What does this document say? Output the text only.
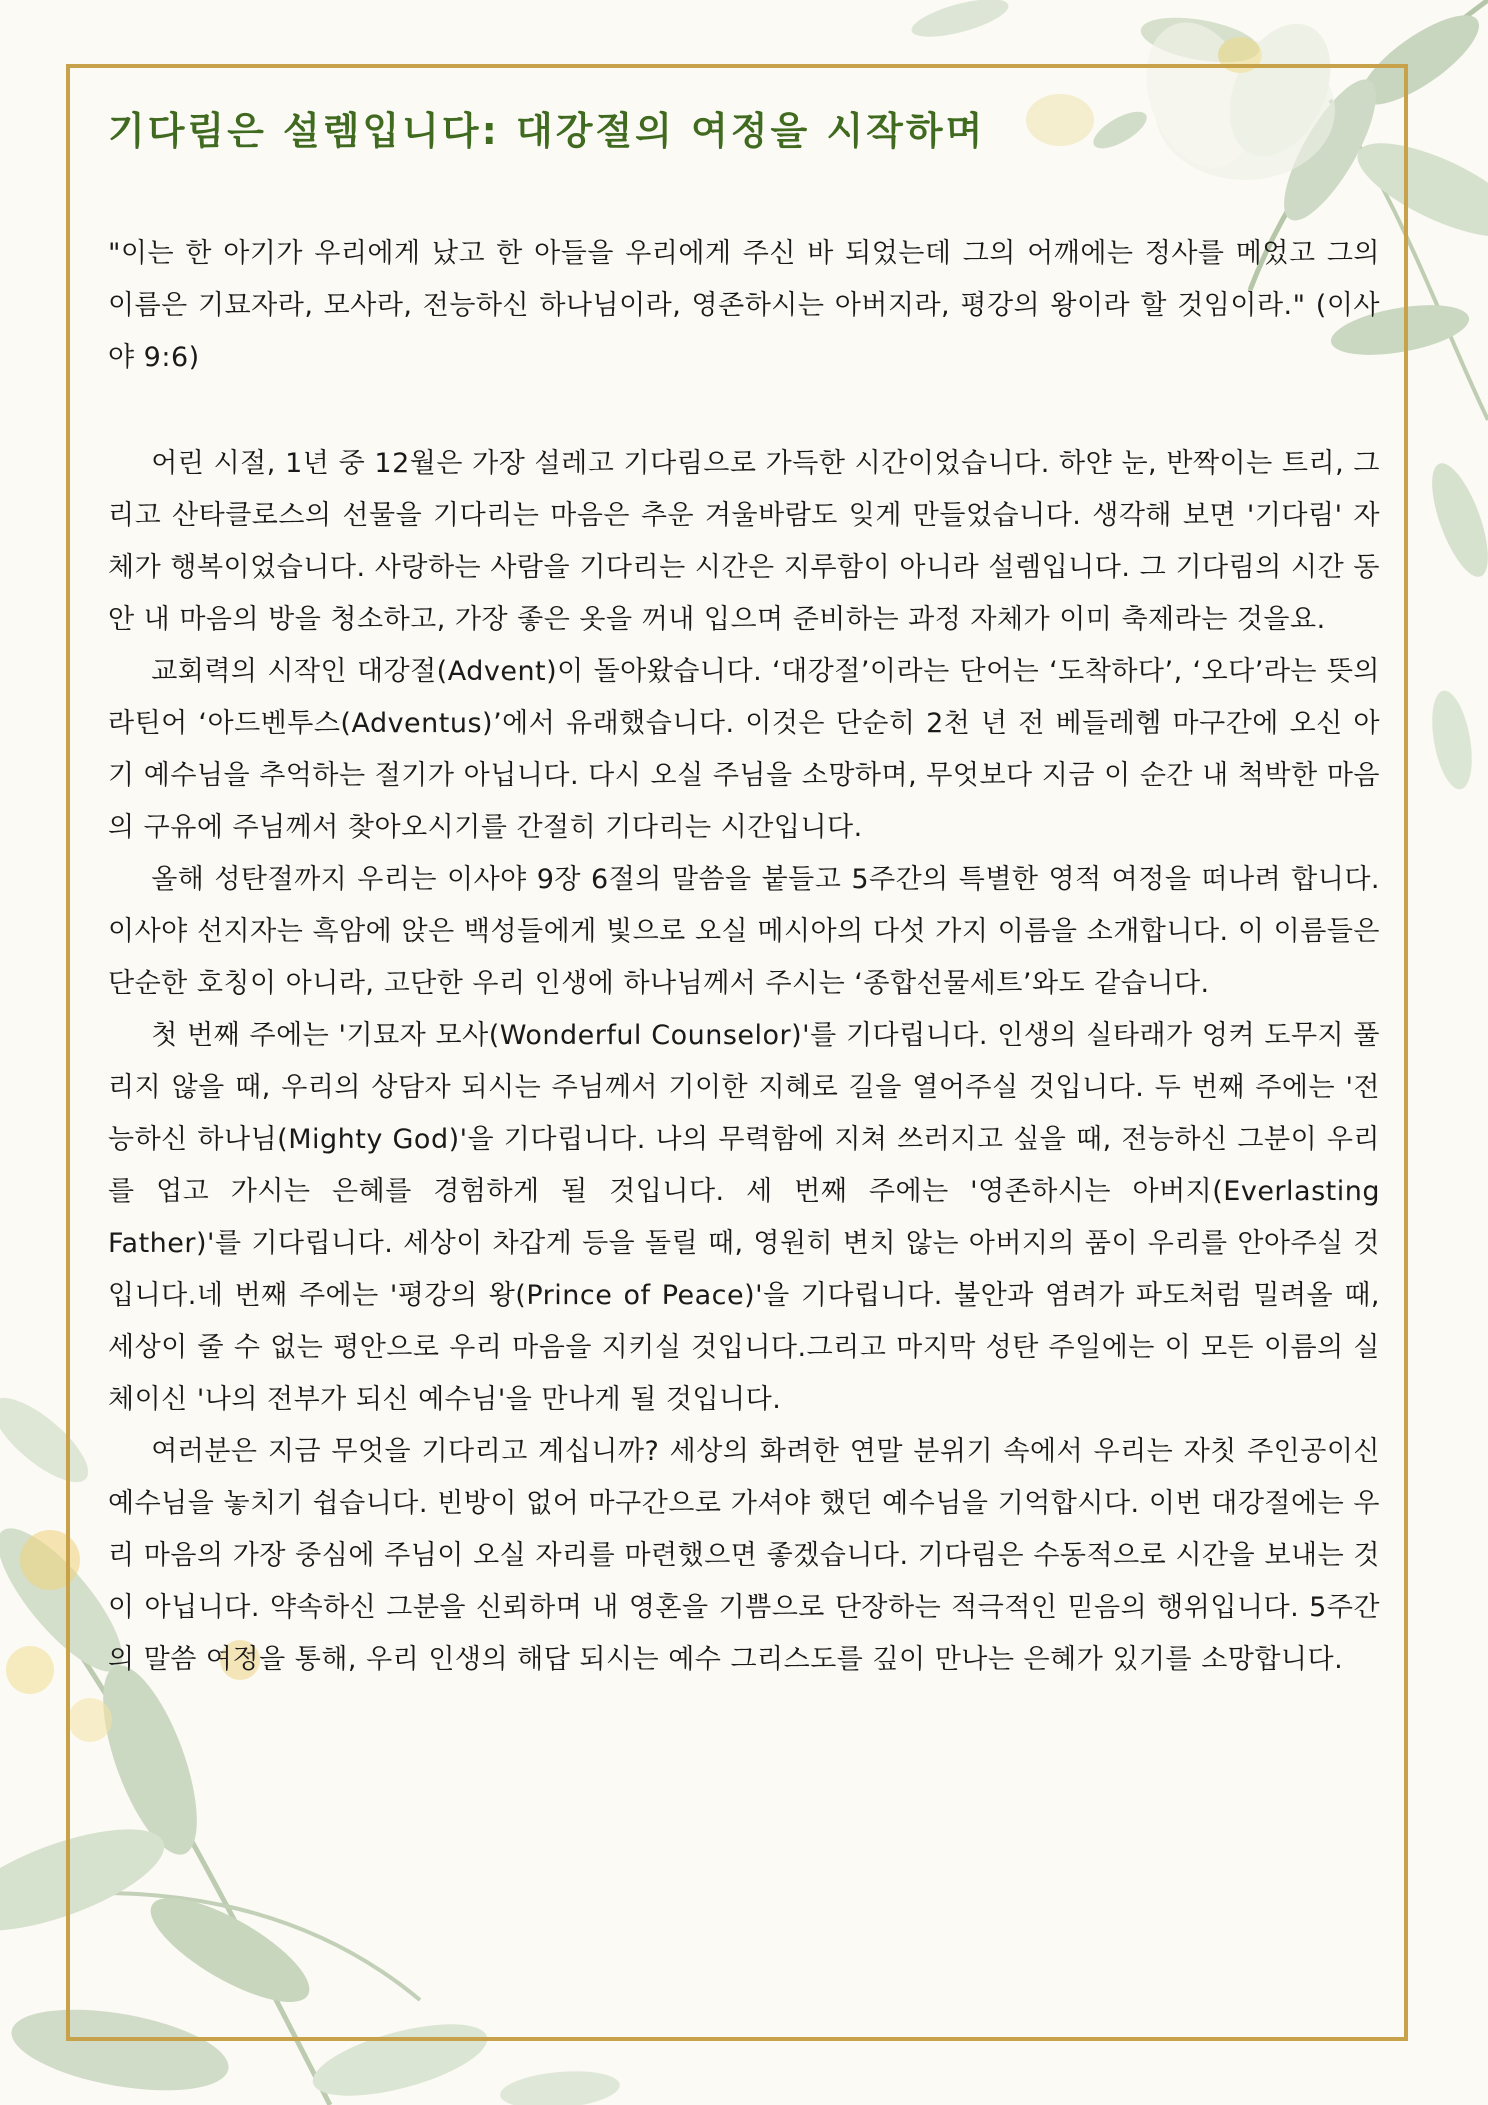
기다림은 설렘입니다: 대강절의 여정을 시작하며

"이는 한 아기가 우리에게 났고 한 아들을 우리에게 주신 바 되었는데 그의 어깨에는 정사를 메었고 그의 이름은 기묘자라, 모사라, 전능하신 하나님이라, 영존하시는 아버지라, 평강의 왕이라 할 것임이라." (이사야 9:6)

어린 시절, 1년 중 12월은 가장 설레고 기다림으로 가득한 시간이었습니다. 하얀 눈, 반짝이는 트리, 그리고 산타클로스의 선물을 기다리는 마음은 추운 겨울바람도 잊게 만들었습니다. 생각해 보면 '기다림' 자체가 행복이었습니다. 사랑하는 사람을 기다리는 시간은 지루함이 아니라 설렘입니다. 그 기다림의 시간 동안 내 마음의 방을 청소하고, 가장 좋은 옷을 꺼내 입으며 준비하는 과정 자체가 이미 축제라는 것을요.

교회력의 시작인 대강절(Advent)이 돌아왔습니다. ‘대강절’이라는 단어는 ‘도착하다’, ‘오다’라는 뜻의 라틴어 ‘아드벤투스(Adventus)’에서 유래했습니다. 이것은 단순히 2천 년 전 베들레헴 마구간에 오신 아기 예수님을 추억하는 절기가 아닙니다. 다시 오실 주님을 소망하며, 무엇보다 지금 이 순간 내 척박한 마음의 구유에 주님께서 찾아오시기를 간절히 기다리는 시간입니다.

올해 성탄절까지 우리는 이사야 9장 6절의 말씀을 붙들고 5주간의 특별한 영적 여정을 떠나려 합니다. 이사야 선지자는 흑암에 앉은 백성들에게 빛으로 오실 메시아의 다섯 가지 이름을 소개합니다. 이 이름들은 단순한 호칭이 아니라, 고단한 우리 인생에 하나님께서 주시는 ‘종합선물세트’와도 같습니다.

첫 번째 주에는 '기묘자 모사(Wonderful Counselor)'를 기다립니다. 인생의 실타래가 엉켜 도무지 풀리지 않을 때, 우리의 상담자 되시는 주님께서 기이한 지혜로 길을 열어주실 것입니다. 두 번째 주에는 '전능하신 하나님(Mighty God)'을 기다립니다. 나의 무력함에 지쳐 쓰러지고 싶을 때, 전능하신 그분이 우리를 업고 가시는 은혜를 경험하게 될 것입니다. 세 번째 주에는 '영존하시는 아버지(Everlasting Father)'를 기다립니다. 세상이 차갑게 등을 돌릴 때, 영원히 변치 않는 아버지의 품이 우리를 안아주실 것입니다.네 번째 주에는 '평강의 왕(Prince of Peace)'을 기다립니다. 불안과 염려가 파도처럼 밀려올 때, 세상이 줄 수 없는 평안으로 우리 마음을 지키실 것입니다.그리고 마지막 성탄 주일에는 이 모든 이름의 실체이신 '나의 전부가 되신 예수님'을 만나게 될 것입니다.

여러분은 지금 무엇을 기다리고 계십니까? 세상의 화려한 연말 분위기 속에서 우리는 자칫 주인공이신 예수님을 놓치기 쉽습니다. 빈방이 없어 마구간으로 가셔야 했던 예수님을 기억합시다. 이번 대강절에는 우리 마음의 가장 중심에 주님이 오실 자리를 마련했으면 좋겠습니다. 기다림은 수동적으로 시간을 보내는 것이 아닙니다. 약속하신 그분을 신뢰하며 내 영혼을 기쁨으로 단장하는 적극적인 믿음의 행위입니다. 5주간의 말씀 여정을 통해, 우리 인생의 해답 되시는 예수 그리스도를 깊이 만나는 은혜가 있기를 소망합니다.
